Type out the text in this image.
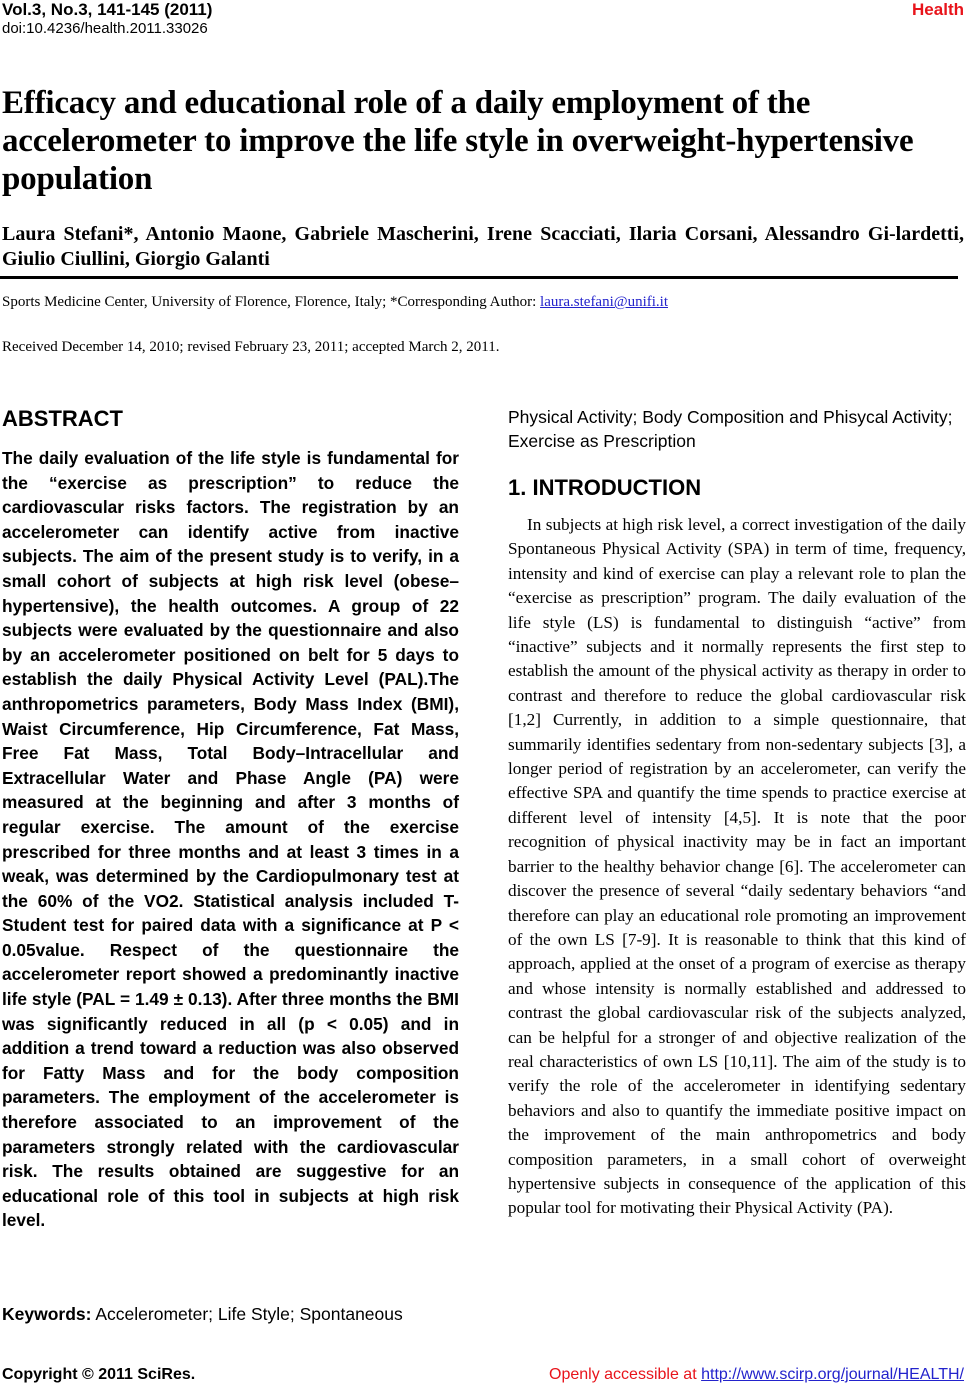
Vol.3, No.3, 141-145 (2011)
doi:10.4236/health.2011.33026
Health
Efficacy and educational role of a daily employment of the accelerometer to improve the life style in overweight-hypertensive population
Laura Stefani*, Antonio Maone, Gabriele Mascherini, Irene Scacciati, Ilaria Corsani, Alessandro Gi-lardetti, Giulio Ciullini, Giorgio Galanti
Sports Medicine Center, University of Florence, Florence, Italy; *Corresponding Author: laura.stefani@unifi.it
Received December 14, 2010; revised February 23, 2011; accepted March 2, 2011.
ABSTRACT
The daily evaluation of the life style is fundamental for the “exercise as prescription” to reduce the cardiovascular risks factors. The registration by an accelerometer can identify active from inactive subjects. The aim of the present study is to verify, in a small cohort of subjects at high risk level (obese–hypertensive), the health outcomes. A group of 22 subjects were evaluated by the questionnaire and also by an accelerometer positioned on belt for 5 days to establish the daily Physical Activity Level (PAL).The anthropometrics parameters, Body Mass Index (BMI), Waist Circumference, Hip Circumference, Fat Mass, Free Fat Mass, Total Body–Intracellular and Extracellular Water and Phase Angle (PA) were measured at the beginning and after 3 months of regular exercise. The amount of the exercise prescribed for three months and at least 3 times in a weak, was determined by the Cardiopulmonary test at the 60% of the VO2. Statistical analysis included T-Student test for paired data with a significance at P < 0.05value. Respect of the questionnaire the accelerometer report showed a predominantly inactive life style (PAL = 1.49 ± 0.13). After three months the BMI was significantly reduced in all (p < 0.05) and in addition a trend toward a reduction was also observed for Fatty Mass and for the body composition parameters. The employment of the accelerometer is therefore associated to an improvement of the parameters strongly related with the cardiovascular risk. The results obtained are suggestive for an educational role of this tool in subjects at high risk level.
Keywords: Accelerometer; Life Style; Spontaneous
Physical Activity; Body Composition and Phisycal Activity; Exercise as Prescription
1. INTRODUCTION
In subjects at high risk level, a correct investigation of the daily Spontaneous Physical Activity (SPA) in term of time, frequency, intensity and kind of exercise can play a relevant role to plan the “exercise as prescription” program. The daily evaluation of the life style (LS) is fundamental to distinguish “active” from “inactive” subjects and it normally represents the first step to establish the amount of the physical activity as therapy in order to contrast and therefore to reduce the global cardiovascular risk [1,2] Currently, in addition to a simple questionnaire, that summarily identifies sedentary from non-sedentary subjects [3], a longer period of registration by an accelerometer, can verify the effective SPA and quantify the time spends to practice exercise at different level of intensity [4,5]. It is note that the poor recognition of physical inactivity may be in fact an important barrier to the healthy behavior change [6]. The accelerometer can discover the presence of several “daily sedentary behaviors “and therefore can play an educational role promoting an improvement of the own LS [7-9]. It is reasonable to think that this kind of approach, applied at the onset of a program of exercise as therapy and whose intensity is normally established and addressed to contrast the global cardiovascular risk of the subjects analyzed, can be helpful for a stronger of and objective realization of the real characteristics of own LS [10,11]. The aim of the study is to verify the role of the accelerometer in identifying sedentary behaviors and also to quantify the immediate positive impact on the improvement of the main anthropometrics and body composition parameters, in a small cohort of overweight hypertensive subjects in consequence of the application of this popular tool for motivating their Physical Activity (PA).
Copyright © 2011 SciRes.	Openly accessible at http://www.scirp.org/journal/HEALTH/
